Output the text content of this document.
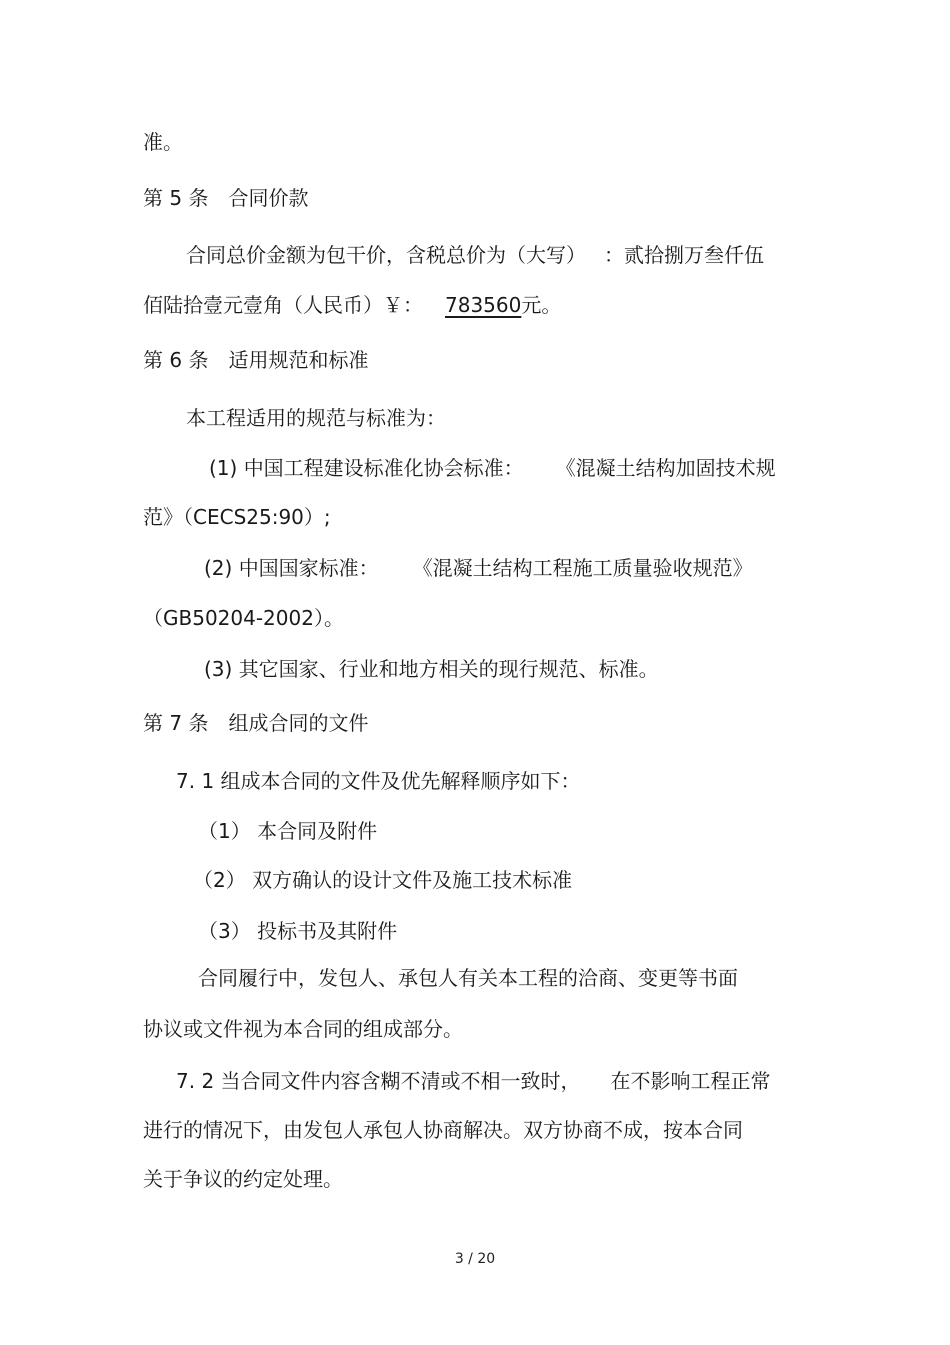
准。
第 5 条 合同价款
合同总价金额为包干价，含税总价为（大写） ：贰拾捌万叁仟伍
佰陆拾壹元壹角（人民币）￥： 783560元。
第 6 条 适用规范和标准
本工程适用的规范与标准为：
(1) 中国工程建设标准化协会标准： 《混凝土结构加固技术规
范》（CECS25:90）;
(2) 中国国家标准： 《混凝土结构工程施工质量验收规范》
（GB50204-2002）。
(3) 其它国家、行业和地方相关的现行规范、标准。
第 7 条 组成合同的文件
7. 1 组成本合同的文件及优先解释顺序如下：
（1） 本合同及附件
（2） 双方确认的设计文件及施工技术标准
（3） 投标书及其附件
合同履行中，发包人、承包人有关本工程的洽商、变更等书面
协议或文件视为本合同的组成部分。
7. 2 当合同文件内容含糊不清或不相一致时， 在不影响工程正常
进行的情况下，由发包人承包人协商解决。双方协商不成，按本合同
关于争议的约定处理。
3 / 20
